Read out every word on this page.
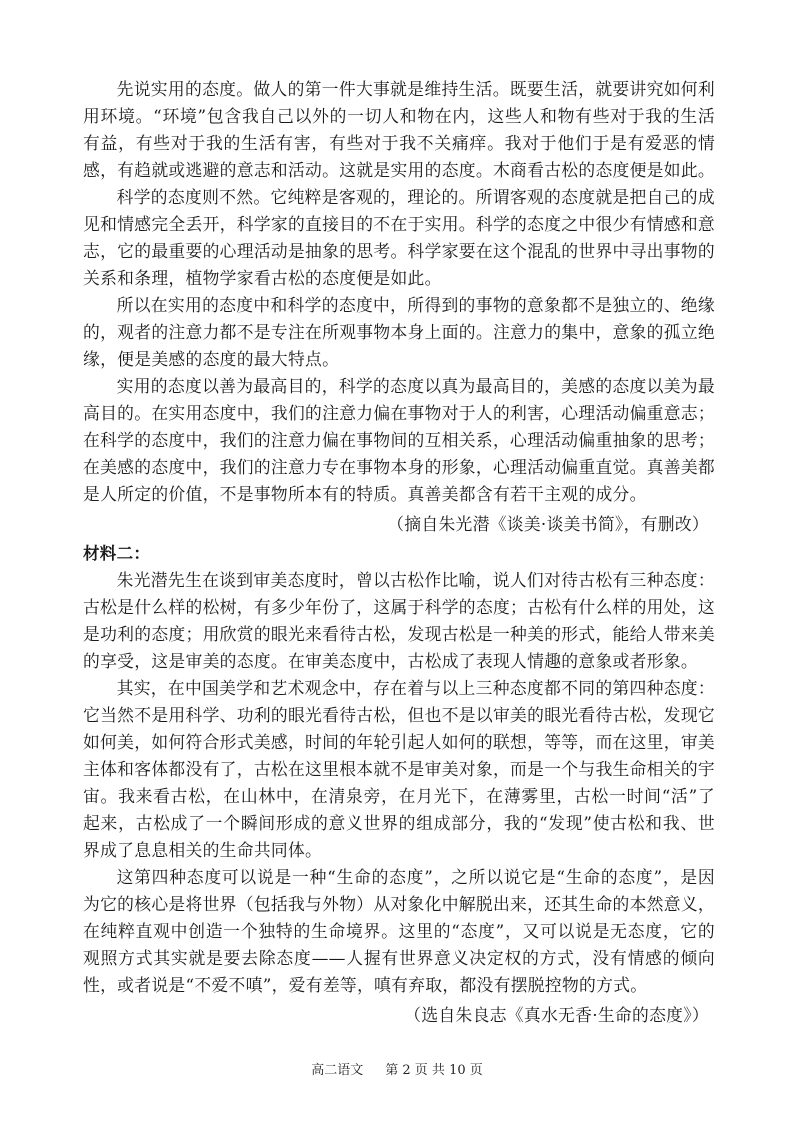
先说实用的态度。做人的第一件大事就是维持生活。既要生活，就要讲究如何利用环境。“环境”包含我自己以外的一切人和物在内，这些人和物有些对于我的生活有益，有些对于我的生活有害，有些对于我不关痛痒。我对于他们于是有爱恶的情感，有趋就或逃避的意志和活动。这就是实用的态度。木商看古松的态度便是如此。

科学的态度则不然。它纯粹是客观的，理论的。所谓客观的态度就是把自己的成见和情感完全丢开，科学家的直接目的不在于实用。科学的态度之中很少有情感和意志，它的最重要的心理活动是抽象的思考。科学家要在这个混乱的世界中寻出事物的关系和条理，植物学家看古松的态度便是如此。

所以在实用的态度中和科学的态度中，所得到的事物的意象都不是独立的、绝缘的，观者的注意力都不是专注在所观事物本身上面的。注意力的集中，意象的孤立绝缘，便是美感的态度的最大特点。

实用的态度以善为最高目的，科学的态度以真为最高目的，美感的态度以美为最高目的。在实用态度中，我们的注意力偏在事物对于人的利害，心理活动偏重意志；在科学的态度中，我们的注意力偏在事物间的互相关系，心理活动偏重抽象的思考；在美感的态度中，我们的注意力专在事物本身的形象，心理活动偏重直觉。真善美都是人所定的价值，不是事物所本有的特质。真善美都含有若干主观的成分。

（摘自朱光潜《谈美·谈美书简》，有删改）

材料二：

朱光潜先生在谈到审美态度时，曾以古松作比喻，说人们对待古松有三种态度：古松是什么样的松树，有多少年份了，这属于科学的态度；古松有什么样的用处，这是功利的态度；用欣赏的眼光来看待古松，发现古松是一种美的形式，能给人带来美的享受，这是审美的态度。在审美态度中，古松成了表现人情趣的意象或者形象。

其实，在中国美学和艺术观念中，存在着与以上三种态度都不同的第四种态度：它当然不是用科学、功利的眼光看待古松，但也不是以审美的眼光看待古松，发现它如何美，如何符合形式美感，时间的年轮引起人如何的联想，等等，而在这里，审美主体和客体都没有了，古松在这里根本就不是审美对象，而是一个与我生命相关的宇宙。我来看古松，在山林中，在清泉旁，在月光下，在薄雾里，古松一时间“活”了起来，古松成了一个瞬间形成的意义世界的组成部分，我的“发现”使古松和我、世界成了息息相关的生命共同体。

这第四种态度可以说是一种“生命的态度”，之所以说它是“生命的态度”，是因为它的核心是将世界（包括我与外物）从对象化中解脱出来，还其生命的本然意义，在纯粹直观中创造一个独特的生命境界。这里的“态度”，又可以说是无态度，它的观照方式其实就是要去除态度——人握有世界意义决定权的方式，没有情感的倾向性，或者说是“不爱不嗔”，爱有差等，嗔有弃取，都没有摆脱控物的方式。

（选自朱良志《真水无香·生命的态度》）

高二语文 第 2 页 共 10 页
